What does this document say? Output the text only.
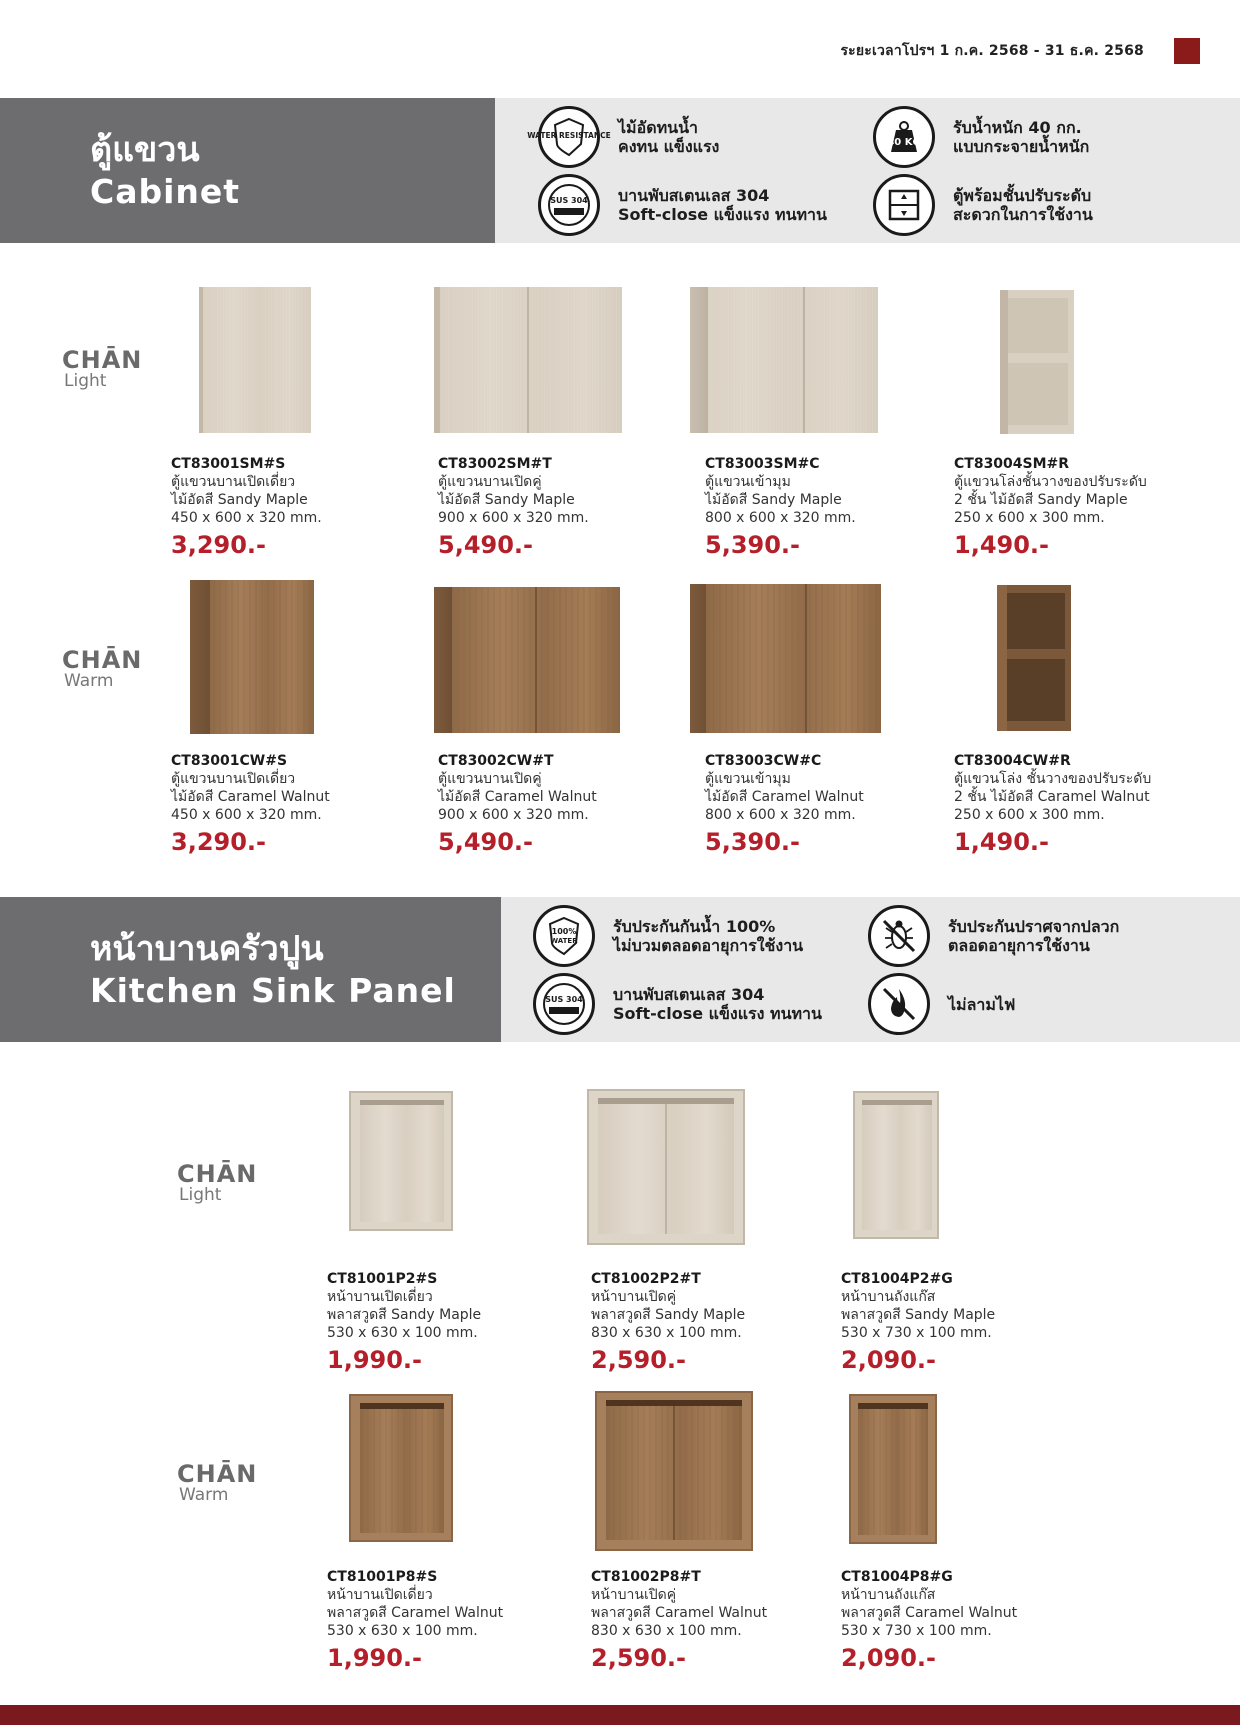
ระยะเวลาโปรฯ 1 ก.ค. 2568 - 31 ธ.ค. 2568
ตู้แขวน
Cabinet
WATER RESISTANCE ไม้อัดทนน้ำ
คงทน แข็งแรง	40 KG
รับน้ำหนัก 40 กก.
แบบกระจายน้ำหนัก
SUS 304 บานพับสเตนเลส 304
Soft-close แข็งแรง ทนทาน
ตู้พร้อมชั้นปรับระดับ
สะดวกในการใช้งาน
CHĀN
Light
CHĀN
Warm
CT83001SM#S
ตู้แขวนบานเปิดเดี่ยว
ไม้อัดสี Sandy Maple
450 x 600 x 320 mm.
3,290.-
CT83002SM#T
ตู้แขวนบานเปิดคู่
ไม้อัดสี Sandy Maple
900 x 600 x 320 mm.
5,490.-
CT83003SM#C
ตู้แขวนเข้ามุม
ไม้อัดสี Sandy Maple
800 x 600 x 320 mm.
5,390.-
CT83004SM#R
ตู้แขวนโล่งชั้นวางของปรับระดับ
2 ชั้น ไม้อัดสี Sandy Maple
250 x 600 x 300 mm.
1,490.-
CT83001CW#S
ตู้แขวนบานเปิดเดี่ยว
ไม้อัดสี Caramel Walnut
450 x 600 x 320 mm.
3,290.-
CT83002CW#T
ตู้แขวนบานเปิดคู่
ไม้อัดสี Caramel Walnut
900 x 600 x 320 mm.
5,490.-
CT83003CW#C
ตู้แขวนเข้ามุม
ไม้อัดสี Caramel Walnut
800 x 600 x 320 mm.
5,390.-
CT83004CW#R
ตู้แขวนโล่ง ชั้นวางของปรับระดับ
2 ชั้น ไม้อัดสี Caramel Walnut
250 x 600 x 300 mm.
1,490.-
หน้าบานครัวปูน
Kitchen Sink Panel
100%
WATER
รับประกันกันน้ำ 100%
ไม่บวมตลอดอายุการใช้งาน
รับประกันปราศจากปลวก
ตลอดอายุการใช้งาน
SUS 304 บานพับสเตนเลส 304
Soft-close แข็งแรง ทนทาน	ไม่ลามไฟ
CHĀN
Light
CHĀN
Warm
CT81001P2#S
หน้าบานเปิดเดี่ยว
พลาสวูดสี Sandy Maple
530 x 630 x 100 mm.
1,990.-
CT81002P2#T
หน้าบานเปิดคู่
พลาสวูดสี Sandy Maple
830 x 630 x 100 mm.
2,590.-
CT81004P2#G
หน้าบานถังแก๊ส
พลาสวูดสี Sandy Maple
530 x 730 x 100 mm.
2,090.-
CT81001P8#S
หน้าบานเปิดเดี่ยว
พลาสวูดสี Caramel Walnut
530 x 630 x 100 mm.
1,990.-
CT81002P8#T
หน้าบานเปิดคู่
พลาสวูดสี Caramel Walnut
830 x 630 x 100 mm.
2,590.-
CT81004P8#G
หน้าบานถังแก๊ส
พลาสวูดสี Caramel Walnut
530 x 730 x 100 mm.
2,090.-
